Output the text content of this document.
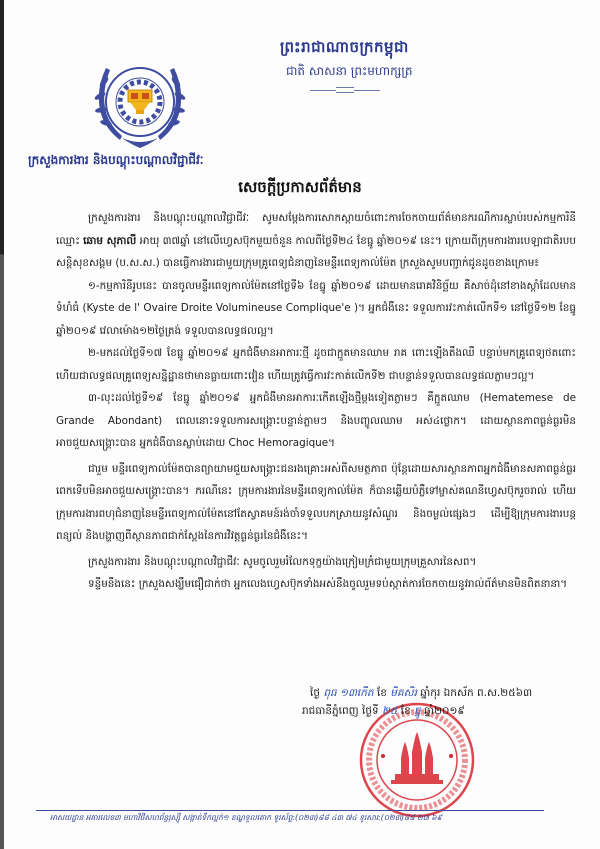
ព្រះរាជាណាចក្រកម្ពុជា
ជាតិ សាសនា ព្រះមហាក្សត្រ
ក្រសួងការងារ និងបណ្តុះបណ្តាលវិជ្ជាជីវៈ
សេចក្តីប្រកាសព័ត៌មាន

ក្រសួងការងារ និងបណ្តុះបណ្តាលវិជ្ជាជីវៈ សូមសម្តែងការសោកស្តាយចំពោះការចែកចាយព័ត៌មានករណីការស្លាប់របស់កម្មការិនីឈ្មោះ ឆោម សុភាលី អាយុ ៣៧ឆ្នាំ នៅលើហ្វេសប៊ុកមួយចំនួន កាលពីថ្ងៃទី២៤ ខែធ្នូ ឆ្នាំ២០១៩ នេះ។ ក្រោយពីក្រុមការងារបេឡាជាតិរបបសន្តិសុខសង្គម (ប.ស.ស.) បានធ្វើការងារជាមួយក្រុមគ្រូពេទ្យជំនាញនៃមន្ទីរពេទ្យកាល់ម៉ែត ក្រសួងសូមបញ្ជាក់ជូនដូចខាងក្រោម៖

១-កម្មការិនីរូបនេះ បានចូលមន្ទីរពេទ្យកាល់ម៉ែតនៅថ្ងៃទី៦ ខែធ្នូ ឆ្នាំ២០១៩ ដោយមានរោគវិនិច្ឆ័យ គឺសាច់ដុំនៅខាងស្តាំដែលមានទំហំធំ (Kyste de l' Ovaire Droite Volumineuse Complique'e )។ អ្នកជំងឺនេះ ទទួលការវះកាត់លើកទី១ នៅថ្ងៃទី១២ ខែធ្នូ ឆ្នាំ២០១៩ វេលាម៉ោង១២ថ្ងៃត្រង់ ទទួលបានលទ្ធផលល្អ។

២-មកដល់ថ្ងៃទី១៧ ខែធ្នូ ឆ្នាំ២០១៩ អ្នកជំងឺមានអាការៈថ្មី ដូចជាក្អួតមានឈាម រាគ ពោះឡើងតឹងឈឺ បន្ទាប់មកគ្រូពេទ្យថតពោះ ហើយជាលទ្ធផលគ្រូពេទ្យសន្និដ្ឋានថាមានធ្លាយពោះវៀន ហើយត្រូវធ្វើការវះកាត់លើកទី២ ជាបន្ទាន់ទទួលបានលទ្ធផលភ្លាមៗល្អ។

៣-លុះដល់ថ្ងៃទី១៩ ខែធ្នូ ឆ្នាំ២០១៩ អ្នកជំងឺមានអាការៈកើតឡើងថ្មីម្តងទៀតភ្លាមៗ គឺក្អួតឈាម (Hematemese de Grande Abondant) ពេលនោះទទួលការសង្គ្រោះបន្ទាន់ភ្លាមៗ និងបញ្ចូលឈាម អស់៤ថ្លោក។ ដោយស្ថានភាពធ្ងន់ធ្ងរមិនអាចជួយសង្គ្រោះបាន អ្នកជំងឺបានស្លាប់ដោយ Choc Hemoragique។

ជារួម មន្ទីរពេទ្យកាល់ម៉ែតបានព្យាយាមជួយសង្គ្រោះជនរងគ្រោះអស់ពីសមត្ថភាព ប៉ុន្តែដោយសារស្ថានភាពអ្នកជំងឺមានសភាពធ្ងន់ធ្ងរពេកទើបមិនអាចជួយសង្គ្រោះបាន។ ករណីនេះ ក្រុមការងារនៃមន្ទីរពេទ្យកាល់ម៉ែត ក៏បានឆ្លើយបំភ្លឺទៅម្ចាស់គណនីហ្វេសប៊ុករួចរាល់ ហើយក្រុមការងារពហុជំនាញនៃមន្ទីរពេទ្យកាល់ម៉ែតនៅតែស្វាគមន៍រង់ចាំទទួលបកស្រាយនូវសំណួរ និងចម្ងល់ផ្សេងៗ ដើម្បីឱ្យក្រុមការងារបន្តពន្យល់ និងបង្ហាញពីស្ថានភាពជាក់ស្តែងនៃការវិវត្តធ្ងន់ធ្ងរនៃជំងឺនេះ។

ក្រសួងការងារ និងបណ្តុះបណ្តាលវិជ្ជាជីវៈ សូមចូលរួមរំលែកទុក្ខយ៉ាងក្រៀមក្រំជាមួយក្រុមគ្រួសារនៃសព។

ទន្ទឹមនឹងនេះ ក្រសួងសង្ឃឹមជឿជាក់ថា អ្នកលេងហ្វេសប៊ុកទាំងអស់នឹងចូលរួមទប់ស្កាត់ការចែកចាយនូវរាល់ព័ត៌មានមិនពិតនានា។

ថ្ងៃ ពុធ ១៣កើត ខែ មិគសិរ ឆ្នាំកុរ ឯកស័ក ព.ស.២៥៦៣
រាជធានីភ្នំពេញ ថ្ងៃទី ២៥ ខែ ធ្នូ ឆ្នាំ២០១៩
អាសយដ្ឋាន អគារលេខ៣ មហាវិថីសហព័ន្ធរុស្ស៊ី សង្កាត់ទឹកល្អក់១ ខណ្ឌទួលគោក ទូរស័ព្ទ:(០២៣)៨៨ ៤៣ ៧៤ ទូរសារ:(០២៣)៨៨ ២៧ ៦៩
